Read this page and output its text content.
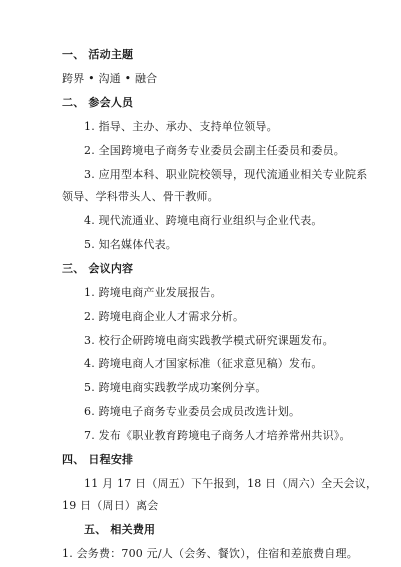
一、 活动主题
跨界 • 沟通 • 融合
二、 参会人员
1. 指导、主办、承办、支持单位领导。
2. 全国跨境电子商务专业委员会副主任委员和委员。
3. 应用型本科、职业院校领导，现代流通业相关专业院系
领导、学科带头人、骨干教师。
4. 现代流通业、跨境电商行业组织与企业代表。
5. 知名媒体代表。
三、 会议内容
1. 跨境电商产业发展报告。
2. 跨境电商企业人才需求分析。
3. 校行企研跨境电商实践教学模式研究课题发布。
4. 跨境电商人才国家标准（征求意见稿）发布。
5. 跨境电商实践教学成功案例分享。
6. 跨境电子商务专业委员会成员改选计划。
7. 发布《职业教育跨境电子商务人才培养常州共识》。
四、 日程安排
11 月 17 日（周五）下午报到，18 日（周六）全天会议，
19 日（周日）离会
五、 相关费用
1. 会务费：700 元/人（会务、餐饮），住宿和差旅费自理。
